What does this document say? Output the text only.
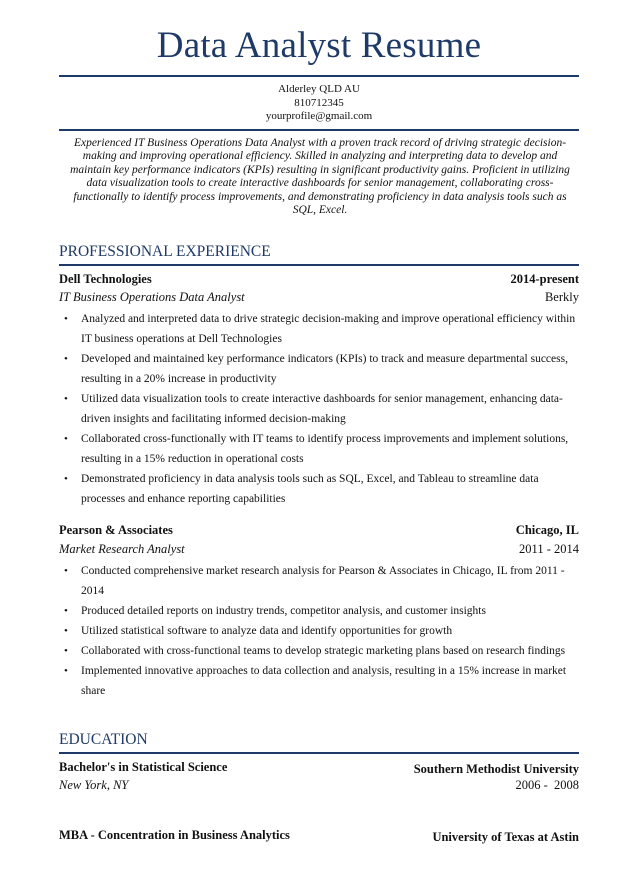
Data Analyst Resume
Alderley QLD AU
810712345
yourprofile@gmail.com
Experienced IT Business Operations Data Analyst with a proven track record of driving strategic decision-making and improving operational efficiency. Skilled in analyzing and interpreting data to develop and maintain key performance indicators (KPIs) resulting in significant productivity gains. Proficient in utilizing data visualization tools to create interactive dashboards for senior management, collaborating cross-functionally to identify process improvements, and demonstrating proficiency in data analysis tools such as SQL, Excel.
PROFESSIONAL EXPERIENCE
Dell Technologies	2014-present
IT Business Operations Data Analyst	Berkly
• Analyzed and interpreted data to drive strategic decision-making and improve operational efficiency within IT business operations at Dell Technologies
• Developed and maintained key performance indicators (KPIs) to track and measure departmental success, resulting in a 20% increase in productivity
• Utilized data visualization tools to create interactive dashboards for senior management, enhancing data-driven insights and facilitating informed decision-making
• Collaborated cross-functionally with IT teams to identify process improvements and implement solutions, resulting in a 15% reduction in operational costs
• Demonstrated proficiency in data analysis tools such as SQL, Excel, and Tableau to streamline data processes and enhance reporting capabilities
Pearson & Associates	Chicago, IL
Market Research Analyst	2011 - 2014
• Conducted comprehensive market research analysis for Pearson & Associates in Chicago, IL from 2011 - 2014
• Produced detailed reports on industry trends, competitor analysis, and customer insights
• Utilized statistical software to analyze data and identify opportunities for growth
• Collaborated with cross-functional teams to develop strategic marketing plans based on research findings
• Implemented innovative approaches to data collection and analysis, resulting in a 15% increase in market share
EDUCATION
Bachelor's in Statistical Science	Southern Methodist University
New York, NY	2006 -  2008
MBA - Concentration in Business Analytics	University of Texas at Astin
